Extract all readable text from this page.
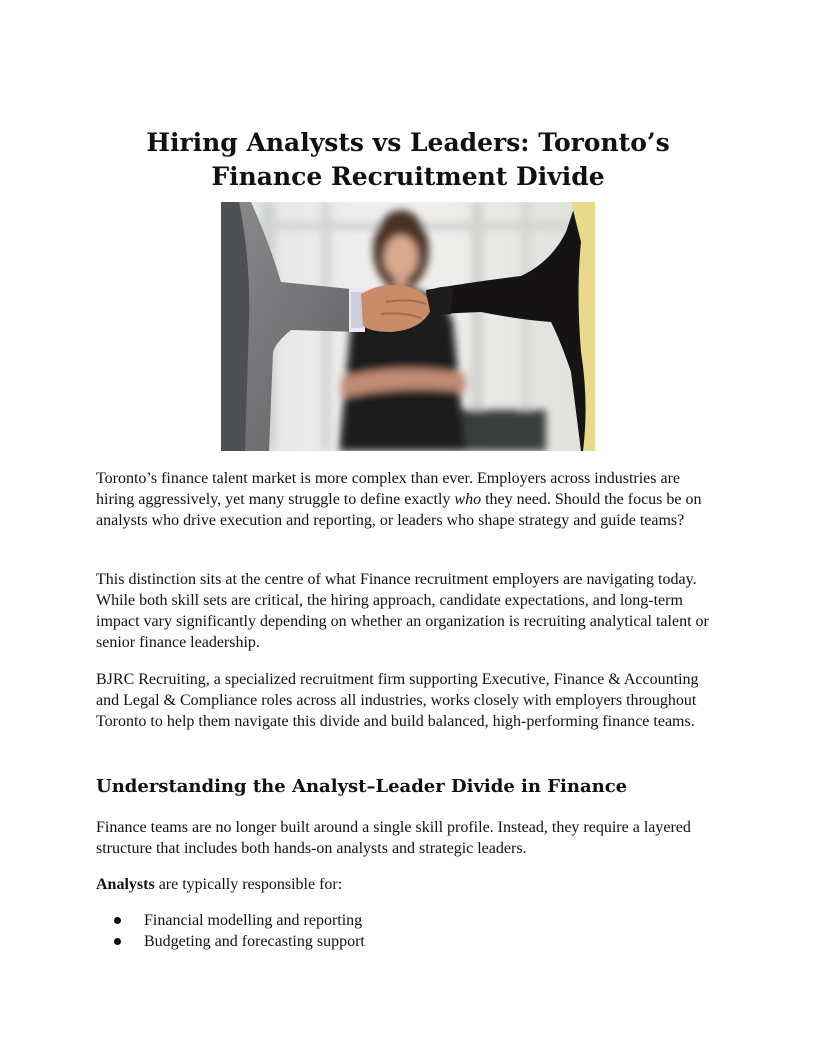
Hiring Analysts vs Leaders: Toronto’s
Finance Recruitment Divide

Toronto’s finance talent market is more complex than ever. Employers across industries are hiring aggressively, yet many struggle to define exactly who they need. Should the focus be on analysts who drive execution and reporting, or leaders who shape strategy and guide teams?

This distinction sits at the centre of what Finance recruitment employers are navigating today. While both skill sets are critical, the hiring approach, candidate expectations, and long-term impact vary significantly depending on whether an organization is recruiting analytical talent or senior finance leadership.

BJRC Recruiting, a specialized recruitment firm supporting Executive, Finance & Accounting and Legal & Compliance roles across all industries, works closely with employers throughout Toronto to help them navigate this divide and build balanced, high-performing finance teams.

Understanding the Analyst–Leader Divide in Finance

Finance teams are no longer built around a single skill profile. Instead, they require a layered structure that includes both hands-on analysts and strategic leaders.

Analysts are typically responsible for:

Financial modelling and reporting
Budgeting and forecasting support
